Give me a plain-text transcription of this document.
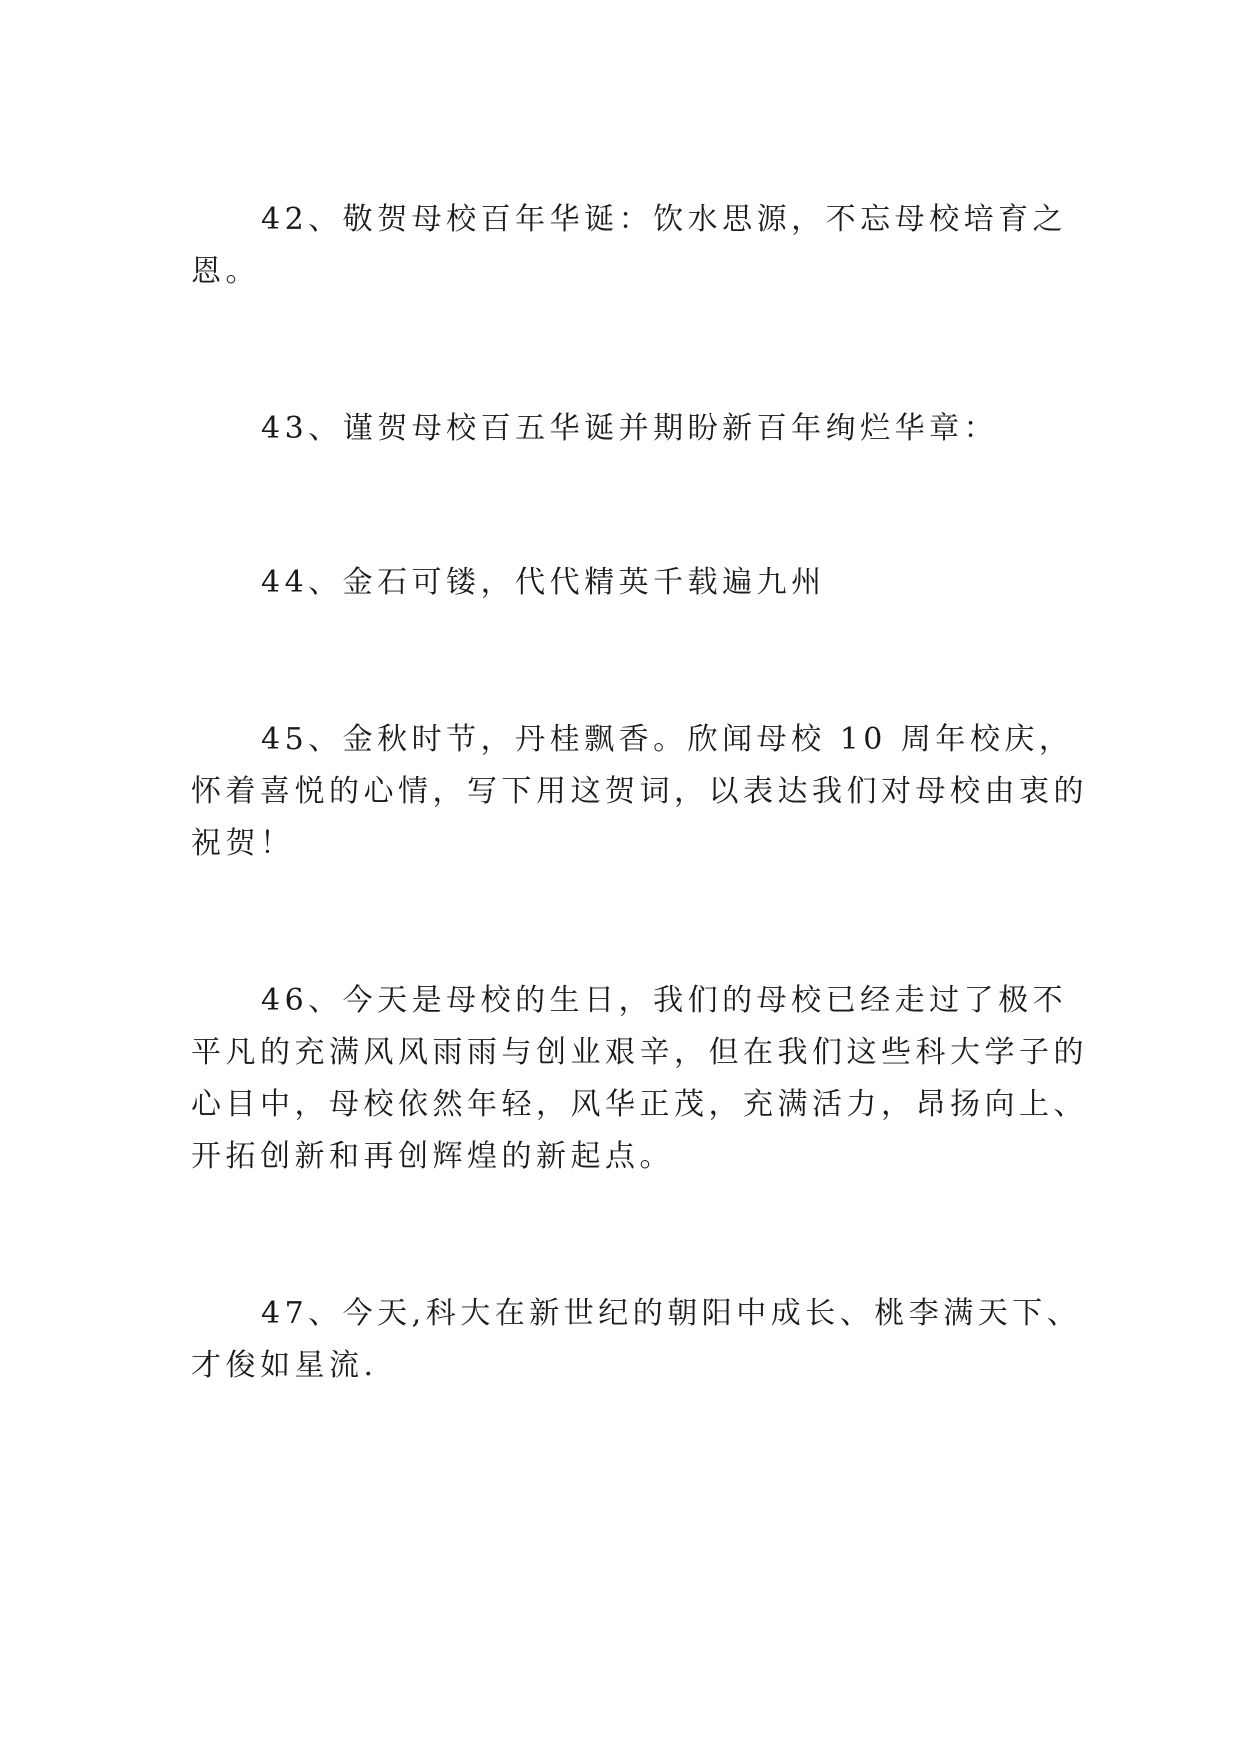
42、敬贺母校百年华诞：饮水思源，不忘母校培育之
恩。
43、谨贺母校百五华诞并期盼新百年绚烂华章：
44、金石可镂，代代精英千载遍九州
45、金秋时节，丹桂飘香。欣闻母校 10 周年校庆，
怀着喜悦的心情，写下用这贺词，以表达我们对母校由衷的
祝贺！
46、今天是母校的生日，我们的母校已经走过了极不
平凡的充满风风雨雨与创业艰辛，但在我们这些科大学子的
心目中，母校依然年轻，风华正茂，充满活力，昂扬向上、
开拓创新和再创辉煌的新起点。
47、今天,科大在新世纪的朝阳中成长、桃李满天下、
才俊如星流.
